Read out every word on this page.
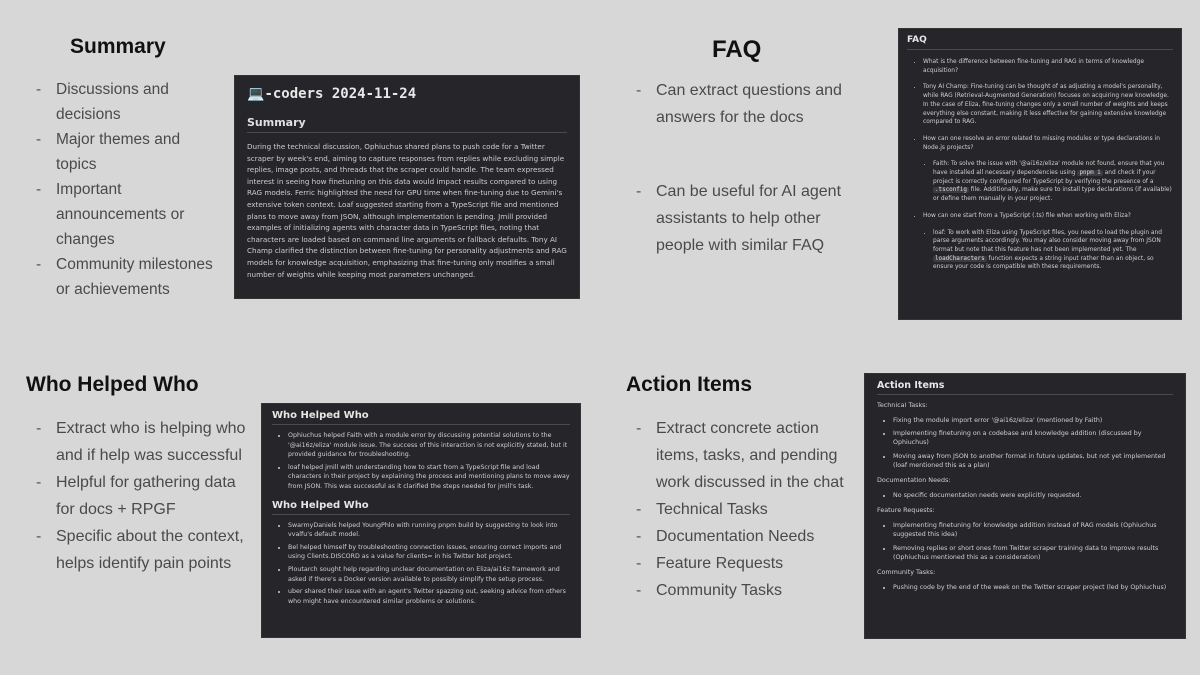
Summary
- Discussions and decisions
- Major themes and topics
- Important announcements or changes
- Community milestones or achievements
💻-coders 2024-11-24
Summary
During the technical discussion, Ophiuchus shared plans to push code for a Twitter scraper by week's end, aiming to capture responses from replies while excluding simple replies, image posts, and threads that the scraper could handle. The team expressed interest in seeing how finetuning on this data would impact results compared to using RAG models. Ferric highlighted the need for GPU time when fine-tuning due to Gemini's extensive token context. Loaf suggested starting from a TypeScript file and mentioned plans to move away from JSON, although implementation is pending. Jmill provided examples of initializing agents with character data in TypeScript files, noting that characters are loaded based on command line arguments or fallback defaults. Tony AI Champ clarified the distinction between fine-tuning for personality adjustments and RAG models for knowledge acquisition, emphasizing that fine-tuning only modifies a small number of weights while keeping most parameters unchanged.
FAQ
- Can extract questions and answers for the docs
- Can be useful for AI agent assistants to help other people with similar FAQ
FAQ
• What is the difference between fine-tuning and RAG in terms of knowledge acquisition?
• Tony AI Champ: Fine-tuning can be thought of as adjusting a model's personality, while RAG (Retrieval-Augmented Generation) focuses on acquiring new knowledge. In the case of Eliza, fine-tuning changes only a small number of weights and keeps everything else constant, making it less effective for gaining extensive knowledge compared to RAG.
• How can one resolve an error related to missing modules or type declarations in Node.js projects?
• Faith: To solve the issue with '@ai16z/eliza' module not found, ensure that you have installed all necessary dependencies using pnpm i and check if your project is correctly configured for TypeScript by verifying the presence of a .tsconfig file. Additionally, make sure to install type declarations (if available) or define them manually in your project.
• How can one start from a TypeScript (.ts) file when working with Eliza?
• loaf: To work with Eliza using TypeScript files, you need to load the plugin and parse arguments accordingly. You may also consider moving away from JSON format but note that this feature has not been implemented yet. The loadCharacters function expects a string input rather than an object, so ensure your code is compatible with these requirements.
Who Helped Who
- Extract who is helping who and if help was successful
- Helpful for gathering data for docs + RPGF
- Specific about the context, helps identify pain points
Who Helped Who
• Ophiuchus helped Faith with a module error by discussing potential solutions to the '@ai16z/eliza' module issue. The success of this interaction is not explicitly stated, but it provided guidance for troubleshooting.
• loaf helped jmill with understanding how to start from a TypeScript file and load characters in their project by explaining the process and mentioning plans to move away from JSON. This was successful as it clarified the steps needed for jmill's task.
Who Helped Who
• SwarmyDaniels helped YoungPhlo with running pnpm build by suggesting to look into vvalfu's default model.
• Bel helped himself by troubleshooting connection issues, ensuring correct imports and using Clients.DISCORD as a value for clients= in his Twitter bot project.
• Ploutarch sought help regarding unclear documentation on Eliza/ai16z framework and asked if there's a Docker version available to possibly simplify the setup process.
• uber shared their issue with an agent's Twitter spazzing out, seeking advice from others who might have encountered similar problems or solutions.
Action Items
- Extract concrete action items, tasks, and pending work discussed in the chat
- Technical Tasks
- Documentation Needs
- Feature Requests
- Community Tasks
Action Items
Technical Tasks:
• Fixing the module import error '@ai16z/eliza' (mentioned by Faith)
• Implementing finetuning on a codebase and knowledge addition (discussed by Ophiuchus)
• Moving away from JSON to another format in future updates, but not yet implemented (loaf mentioned this as a plan)
Documentation Needs:
• No specific documentation needs were explicitly requested.
Feature Requests:
• Implementing finetuning for knowledge addition instead of RAG models (Ophiuchus suggested this idea)
• Removing replies or short ones from Twitter scraper training data to improve results (Ophiuchus mentioned this as a consideration)
Community Tasks:
• Pushing code by the end of the week on the Twitter scraper project (led by Ophiuchus)
